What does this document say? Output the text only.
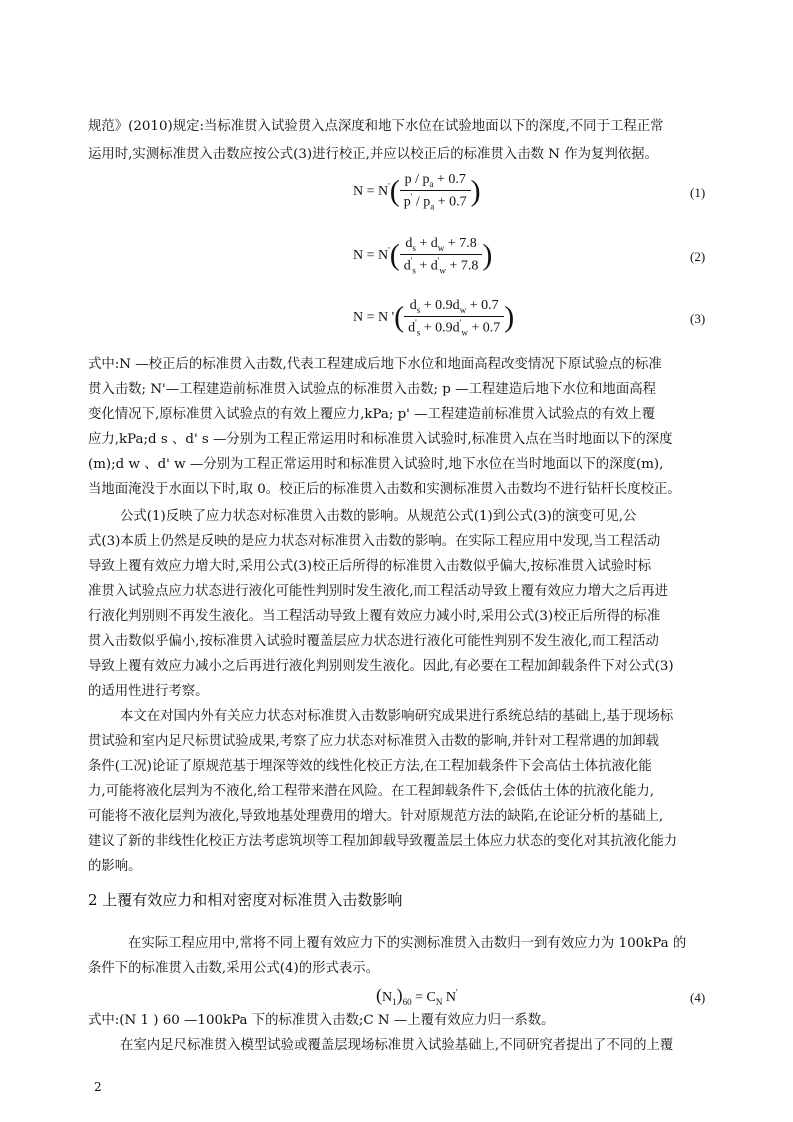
规范》(2010)规定:当标准贯入试验贯入点深度和地下水位在试验地面以下的深度,不同于工程正常
运用时,实测标准贯入击数应按公式(3)进行校正,并应以校正后的标准贯入击数 N 作为复判依据。
$N = N'( \frac{p / p_a + 0.7}{p' / p_a + 0.7}$ )	(1)
$N = N'( \frac{d_s + d_w + 7.8}{d'_s + d'_w + 7.8}$ )	(2)
N = N '( $\frac{d_s + 0.9d_w + 0.7}{d'_s + 0.9d'_w + 0.7}$ )	(3)
式中:N —校正后的标准贯入击数,代表工程建成后地下水位和地面高程改变情况下原试验点的标准
贯入击数; N'—工程建造前标准贯入试验点的标准贯入击数; p —工程建造后地下水位和地面高程
变化情况下,原标准贯入试验点的有效上覆应力,kPa; p' —工程建造前标准贯入试验点的有效上覆
应力,kPa;d s 、d' s —分别为工程正常运用时和标准贯入试验时,标准贯入点在当时地面以下的深度
(m);d w 、d' w —分别为工程正常运用时和标准贯入试验时,地下水位在当时地面以下的深度(m),
当地面淹没于水面以下时,取 0。校正后的标准贯入击数和实测标准贯入击数均不进行钻杆长度校正。
公式(1)反映了应力状态对标准贯入击数的影响。从规范公式(1)到公式(3)的演变可见,公
式(3)本质上仍然是反映的是应力状态对标准贯入击数的影响。在实际工程应用中发现,当工程活动
导致上覆有效应力增大时,采用公式(3)校正后所得的标准贯入击数似乎偏大,按标准贯入试验时标
准贯入试验点应力状态进行液化可能性判别时发生液化,而工程活动导致上覆有效应力增大之后再进
行液化判别则不再发生液化。当工程活动导致上覆有效应力减小时,采用公式(3)校正后所得的标准
贯入击数似乎偏小,按标准贯入试验时覆盖层应力状态进行液化可能性判别不发生液化,而工程活动
导致上覆有效应力减小之后再进行液化判别则发生液化。因此,有必要在工程加卸载条件下对公式(3)
的适用性进行考察。
本文在对国内外有关应力状态对标准贯入击数影响研究成果进行系统总结的基础上,基于现场标
贯试验和室内足尺标贯试验成果,考察了应力状态对标准贯入击数的影响,并针对工程常遇的加卸载
条件(工况)论证了原规范基于埋深等效的线性化校正方法,在工程加载条件下会高估土体抗液化能
力,可能将液化层判为不液化,给工程带来潜在风险。在工程卸载条件下,会低估土体的抗液化能力,
可能将不液化层判为液化,导致地基处理费用的增大。针对原规范方法的缺陷,在论证分析的基础上,
建议了新的非线性化校正方法考虑筑坝等工程加卸载导致覆盖层土体应力状态的变化对其抗液化能力
的影响。
2 上覆有效应力和相对密度对标准贯入击数影响
在实际工程应用中,常将不同上覆有效应力下的实测标准贯入击数归一到有效应力为 100kPa 的
条件下的标准贯入击数,采用公式(4)的形式表示。
$(N_1)_{60} = C_N$ N'	(4)
式中:(N 1 ) 60 —100kPa 下的标准贯入击数;C N —上覆有效应力归一系数。
在室内足尺标准贯入模型试验或覆盖层现场标准贯入试验基础上,不同研究者提出了不同的上覆
2
